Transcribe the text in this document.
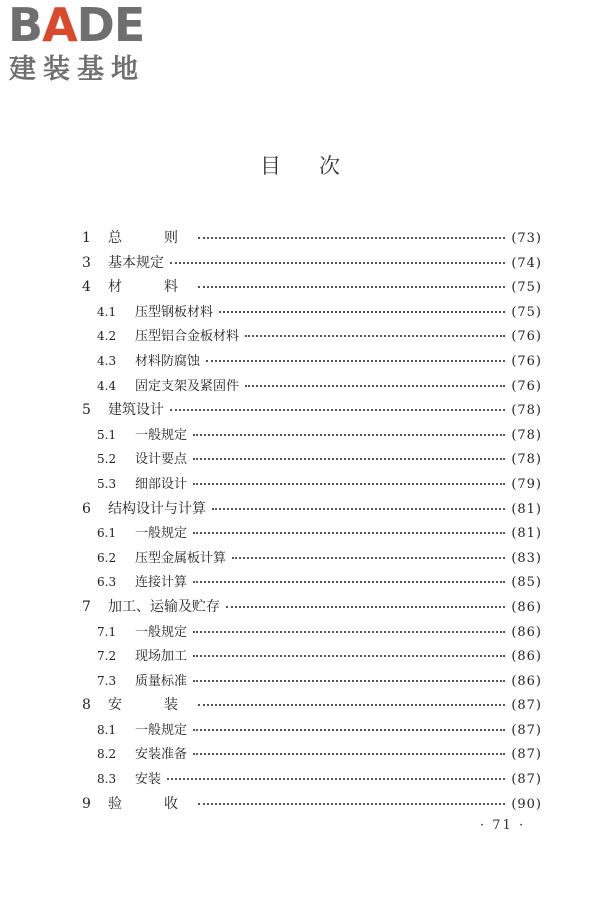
BADE
建装基地
目次
1	总　则	(73)
3	基本规定	(74)
4	材　料	(75)
4.1	压型钢板材料	(75)
4.2	压型铝合金板材料	(76)
4.3	材料防腐蚀	(76)
4.4	固定支架及紧固件	(76)
5	建筑设计	(78)
5.1	一般规定	(78)
5.2	设计要点	(78)
5.3	细部设计	(79)
6	结构设计与计算	(81)
6.1	一般规定	(81)
6.2	压型金属板计算	(83)
6.3	连接计算	(85)
7	加工、运输及贮存	(86)
7.1	一般规定	(86)
7.2	现场加工	(86)
7.3	质量标准	(86)
8	安　装	(87)
8.1	一般规定	(87)
8.2	安装准备	(87)
8.3	安装	(87)
9	验　收	(90)
· 71 ·
